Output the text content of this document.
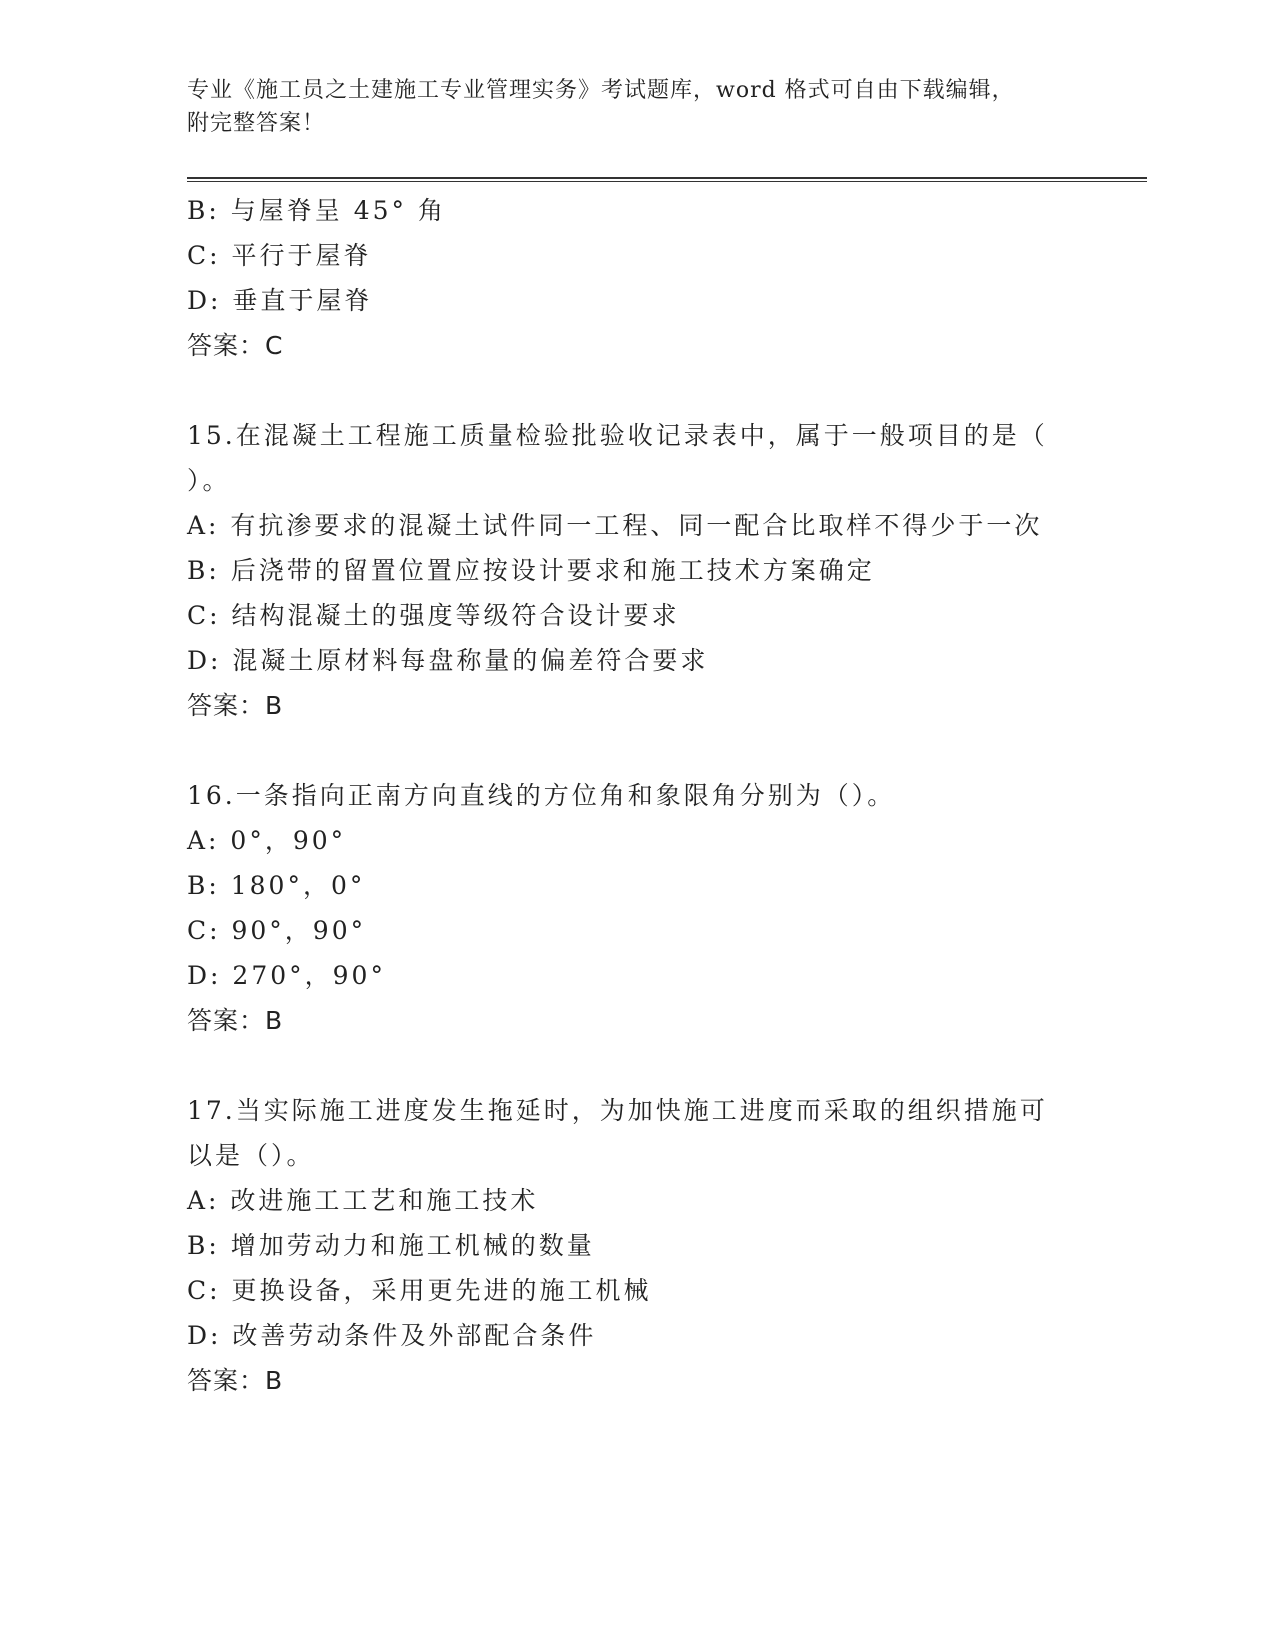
专业《施工员之土建施工专业管理实务》考试题库，word 格式可自由下载编辑，
附完整答案！
B: 与屋脊呈 45° 角
C: 平行于屋脊
D: 垂直于屋脊
答案：C
15.在混凝土工程施工质量检验批验收记录表中，属于一般项目的是（
）。
A: 有抗渗要求的混凝土试件同一工程、同一配合比取样不得少于一次
B: 后浇带的留置位置应按设计要求和施工技术方案确定
C: 结构混凝土的强度等级符合设计要求
D: 混凝土原材料每盘称量的偏差符合要求
答案：B
16.一条指向正南方向直线的方位角和象限角分别为（）。
A: 0°，90°
B: 180°，0°
C: 90°，90°
D: 270°，90°
答案：B
17.当实际施工进度发生拖延时，为加快施工进度而采取的组织措施可
以是（）。
A: 改进施工工艺和施工技术
B: 增加劳动力和施工机械的数量
C: 更换设备，采用更先进的施工机械
D: 改善劳动条件及外部配合条件
答案：B
